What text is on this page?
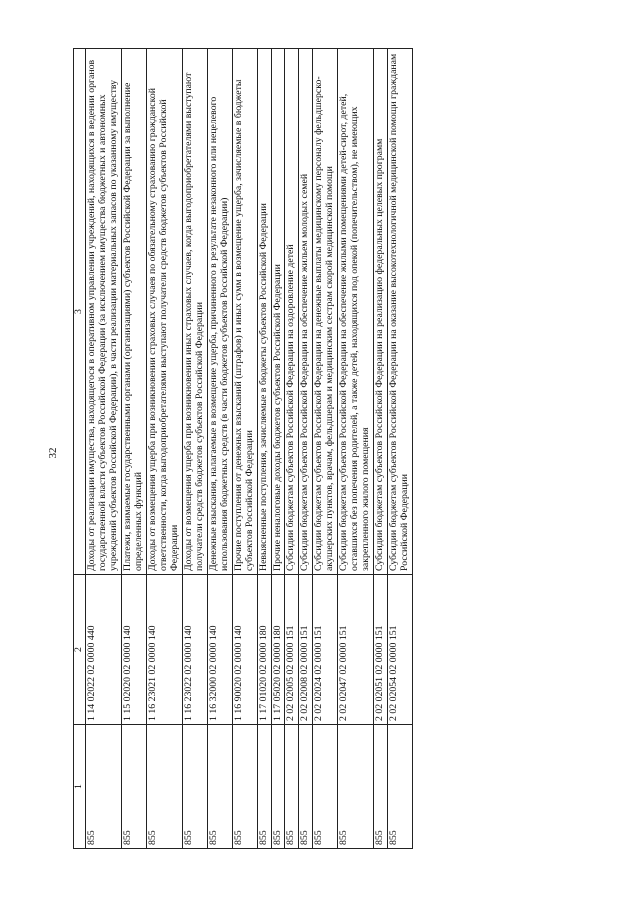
32
1	2	3
855	1 14 02022 02 0000 440	Доходы от реализации имущества, находящегося в оперативном управлении учреждений, находящихся в ведении органов государственной власти субъектов Российской Федерации (за исключением имущества бюджетных и автономных учреждений субъектов Российской Федерации), в части реализации материальных запасов по указанному имуществу
855	1 15 02020 02 0000 140	Платежи, взимаемые государственными органами (организациями) субъектов Российской Федерации за выполнение определенных функций
855	1 16 23021 02 0000 140	Доходы от возмещения ущерба при возникновении страховых случаев по обязательному страхованию гражданской ответственности, когда выгодоприобретателями выступают получатели средств бюджетов субъектов Российской Федерации
855	1 16 23022 02 0000 140	Доходы от возмещения ущерба при возникновении иных страховых случаев, когда выгодоприобретателями выступают получатели средств бюджетов субъектов Российской Федерации
855	1 16 32000 02 0000 140	Денежные взыскания, налагаемые в возмещение ущерба, причиненного в результате незаконного или нецелевого использования бюджетных средств (в части бюджетов субъектов Российской Федерации)
855	1 16 90020 02 0000 140	Прочие поступления от денежных взысканий (штрафов) и иных сумм в возмещение ущерба, зачисляемые в бюджеты субъектов Российской Федерации
855	1 17 01020 02 0000 180	Невыясненные поступления, зачисляемые в бюджеты субъектов Российской Федерации
855	1 17 05020 02 0000 180	Прочие неналоговые доходы бюджетов субъектов Российской Федерации
855	2 02 02005 02 0000 151	Субсидии бюджетам субъектов Российской Федерации на оздоровление детей
855	2 02 02008 02 0000 151	Субсидии бюджетам субъектов Российской Федерации на обеспечение жильем молодых семей
855	2 02 02024 02 0000 151	Субсидии бюджетам субъектов Российской Федерации на денежные выплаты медицинскому персоналу фельдшерско-акушерских пунктов, врачам, фельдшерам и медицинским сестрам скорой медицинской помощи
855	2 02 02047 02 0000 151	Субсидии бюджетам субъектов Российской Федерации на обеспечение жилыми помещениями детей-сирот, детей, оставшихся без попечения родителей, а также детей, находящихся под опекой (попечительством), не имеющих закрепленного жилого помещения
855	2 02 02051 02 0000 151	Субсидии бюджетам субъектов Российской Федерации на реализацию федеральных целевых программ
855	2 02 02054 02 0000 151	Субсидии бюджетам субъектов Российской Федерации на оказание высокотехнологичной медицинской помощи гражданам Российской Федерации
